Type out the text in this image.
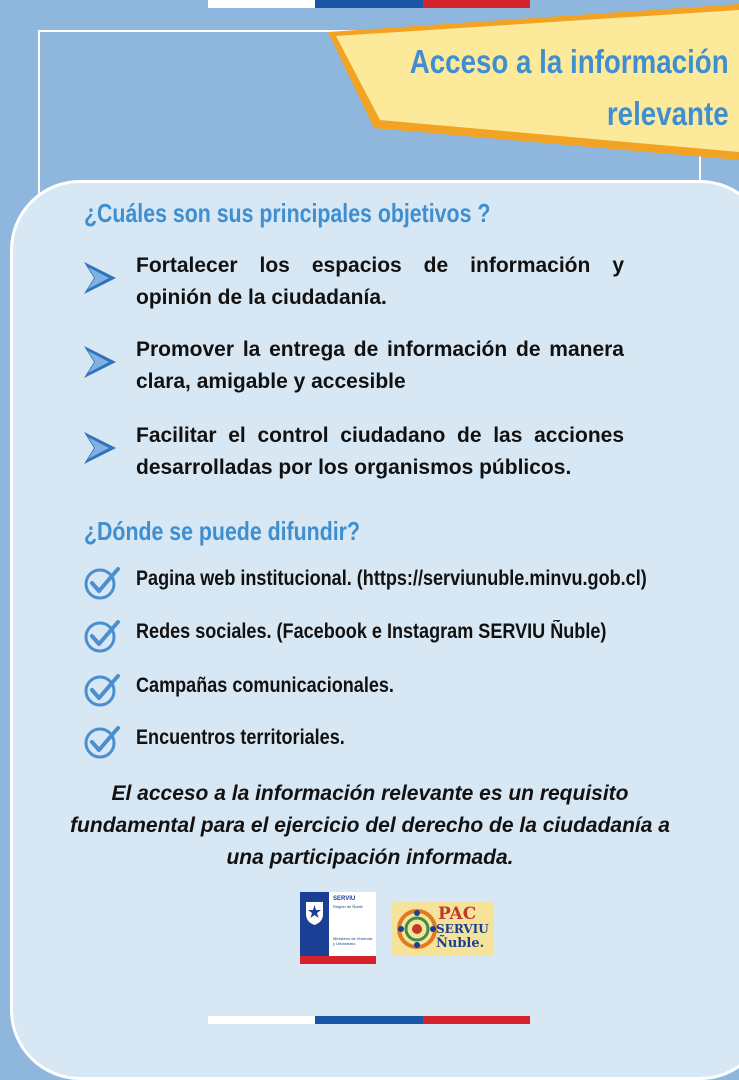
Acceso a la información
relevante
¿Cuáles son sus principales objetivos ?
Fortalecer los espacios de información y opinión de la ciudadanía.
Promover la entrega de información de manera clara, amigable y accesible
Facilitar el control ciudadano de las acciones desarrolladas por los organismos públicos.
¿Dónde se puede difundir?
Pagina web institucional. (https://serviunuble.minvu.gob.cl)
Redes sociales. (Facebook e Instagram SERVIU Ñuble)
Campañas comunicacionales.
Encuentros territoriales.
El acceso a la información relevante es un requisito
fundamental para el ejercicio del derecho de la ciudadanía a
una participación informada.
SERVIU
Región de Ñuble
Ministerio de Vivienda y Urbanismo
PAC
SERVIU
Ñuble.
